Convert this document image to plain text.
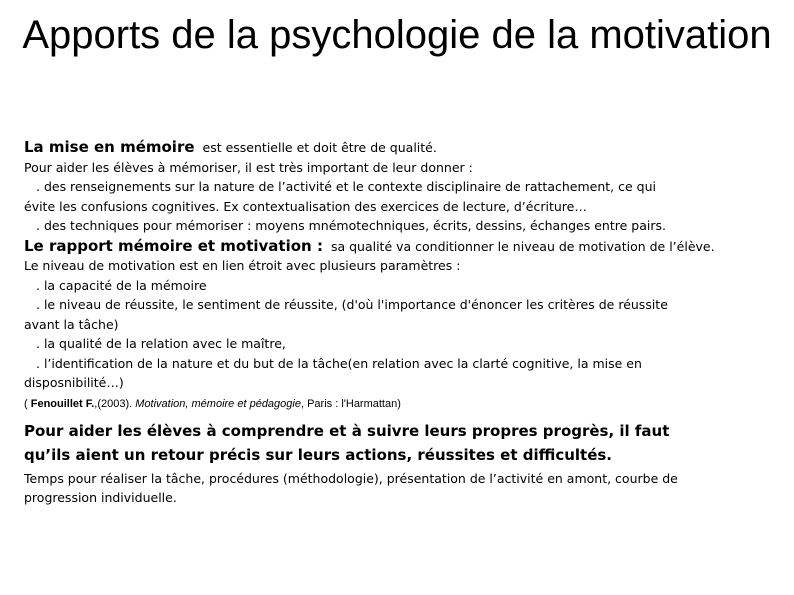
Apports de la psychologie de la motivation
La mise en mémoire est essentielle et doit être de qualité.
Pour aider les élèves à mémoriser, il est très important de leur donner :
. des renseignements sur la nature de l’activité et le contexte disciplinaire de rattachement, ce qui
évite les confusions cognitives. Ex contextualisation des exercices de lecture, d’écriture…
. des techniques pour mémoriser : moyens mnémotechniques, écrits, dessins, échanges entre pairs.
Le rapport mémoire et motivation : sa qualité va conditionner le niveau de motivation de l’élève.
Le niveau de motivation est en lien étroit avec plusieurs paramètres :
. la capacité de la mémoire
. le niveau de réussite, le sentiment de réussite, (d'où l'importance d'énoncer les critères de réussite
avant la tâche)
. la qualité de la relation avec le maître,
. l’identification de la nature et du but de la tâche(en relation avec la clarté cognitive, la mise en
disposnibilité…)
( Fenouillet F.,(2003). Motivation, mémoire et pédagogie, Paris : l'Harmattan)
Pour aider les élèves à comprendre et à suivre leurs propres progrès, il faut
qu’ils aient un retour précis sur leurs actions, réussites et difficultés.
Temps pour réaliser la tâche, procédures (méthodologie), présentation de l’activité en amont, courbe de
progression individuelle.
